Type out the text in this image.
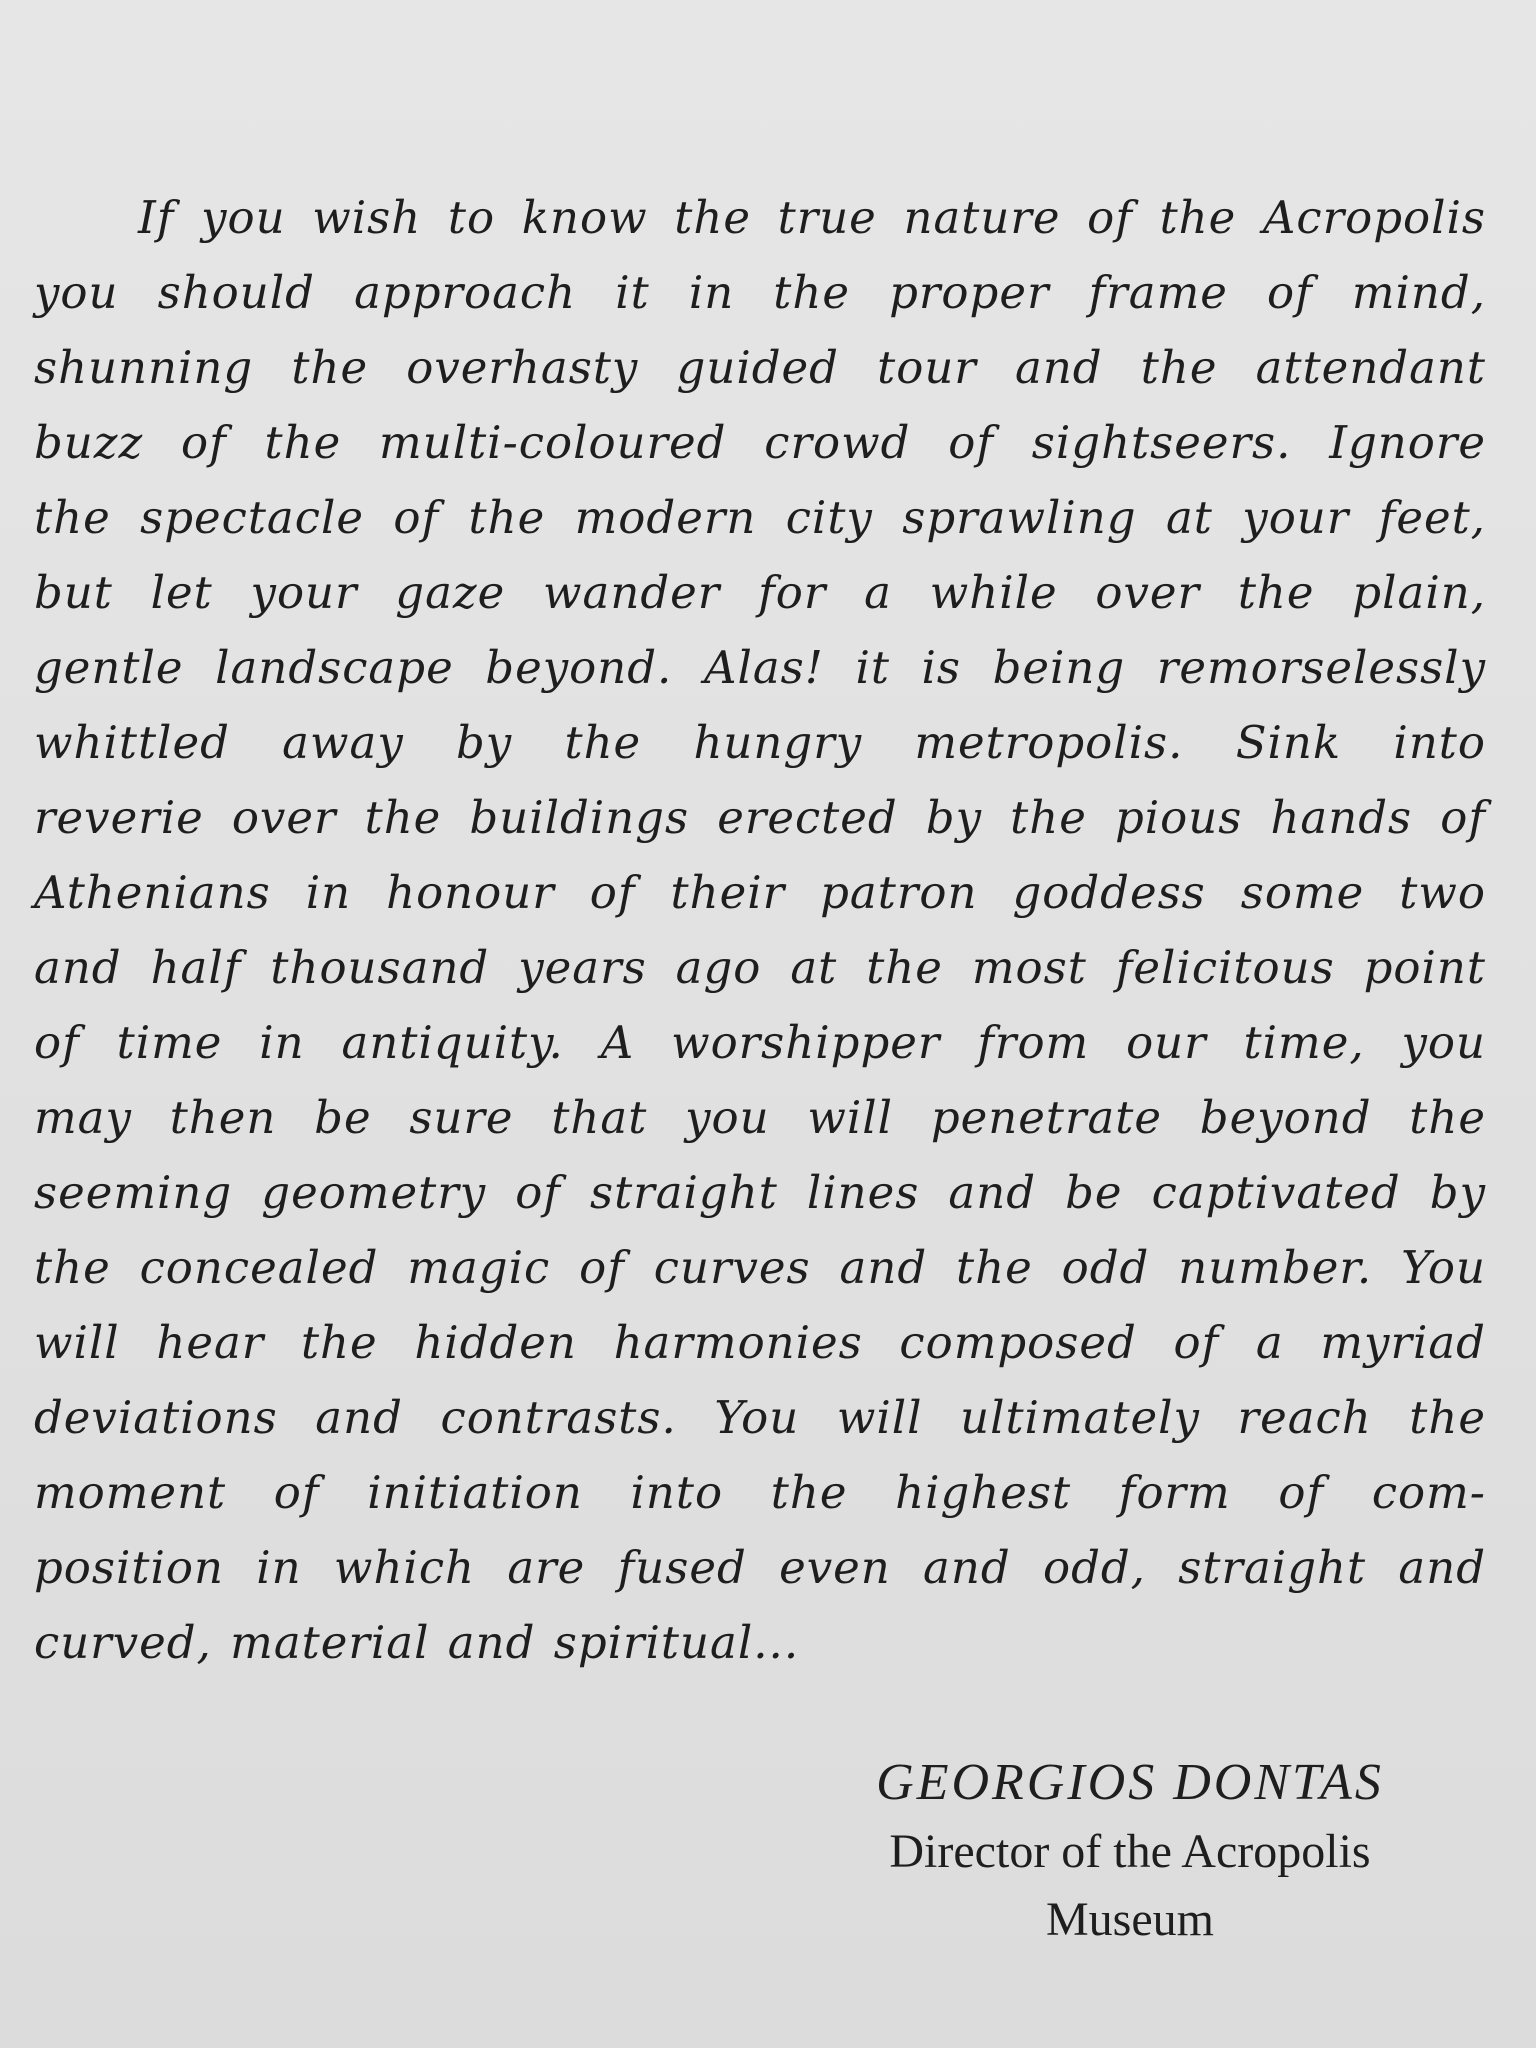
If you wish to know the true nature of the Acropolis
you should approach it in the proper frame of mind,
shunning the overhasty guided tour and the attendant
buzz of the multi-coloured crowd of sightseers. Ignore
the spectacle of the modern city sprawling at your feet,
but let your gaze wander for a while over the plain,
gentle landscape beyond. Alas! it is being remorselessly
whittled away by the hungry metropolis. Sink into
reverie over the buildings erected by the pious hands of
Athenians in honour of their patron goddess some two
and half thousand years ago at the most felicitous point
of time in antiquity. A worshipper from our time, you
may then be sure that you will penetrate beyond the
seeming geometry of straight lines and be captivated by
the concealed magic of curves and the odd number. You
will hear the hidden harmonies composed of a myriad
deviations and contrasts. You will ultimately reach the
moment of initiation into the highest form of com-
position in which are fused even and odd, straight and
curved, material and spiritual...
GEORGIOS DONTAS
Director of the Acropolis
Museum
